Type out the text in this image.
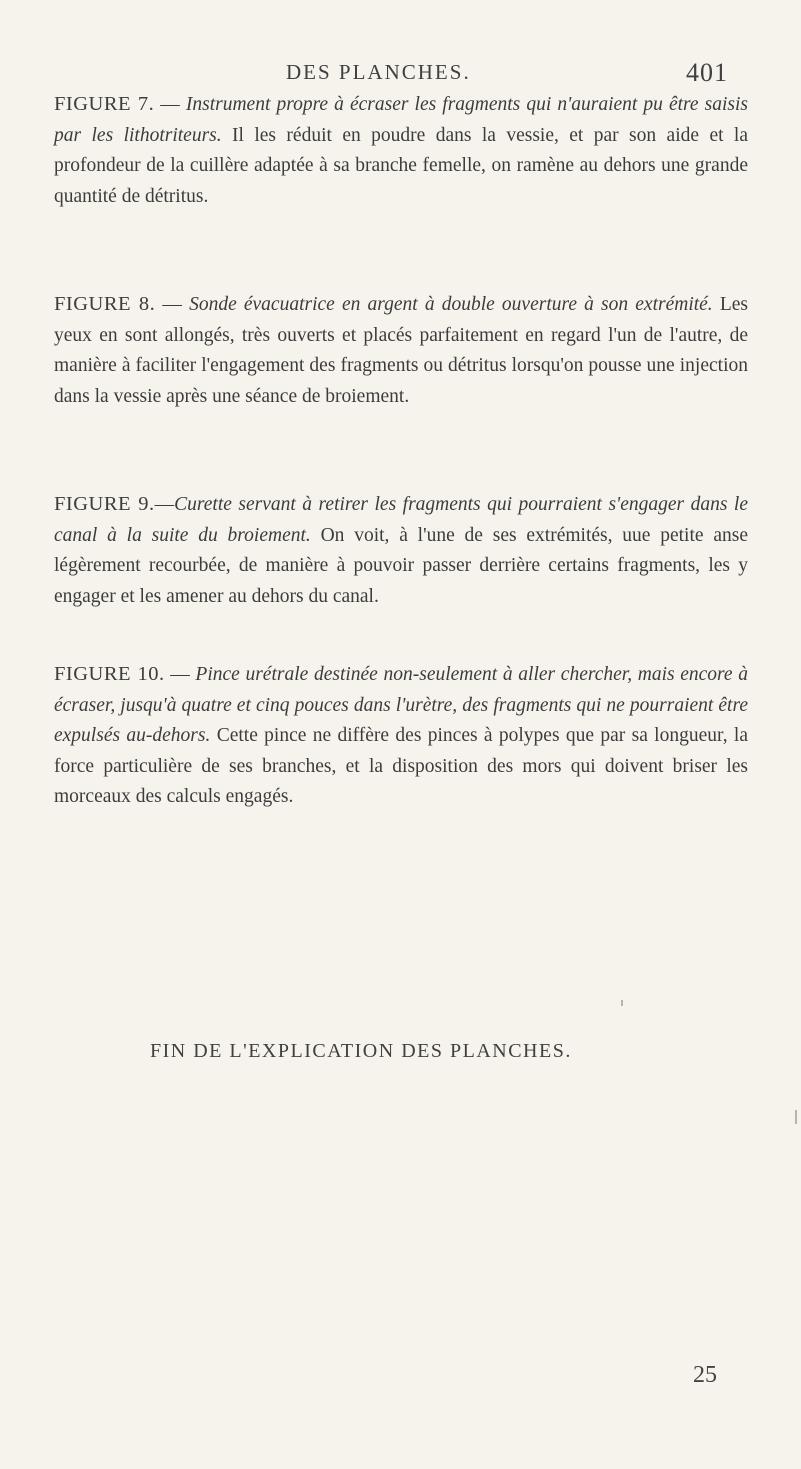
DES PLANCHES.	401

FIGURE 7. — Instrument propre à écraser les fragments qui n'auraient pu être saisis par les lithotriteurs. Il les réduit en poudre dans la vessie, et par son aide et la profondeur de la cuillère adaptée à sa branche femelle, on ramène au dehors une grande quantité de détritus.

FIGURE 8. — Sonde évacuatrice en argent à double ouverture à son extrémité. Les yeux en sont allongés, très ouverts et placés parfaitement en regard l'un de l'autre, de manière à faciliter l'engagement des fragments ou détritus lorsqu'on pousse une injection dans la vessie après une séance de broiement.

FIGURE 9.—Curette servant à retirer les fragments qui pourraient s'engager dans le canal à la suite du broiement. On voit, à l'une de ses extrémités, uue petite anse légèrement recourbée, de manière à pouvoir passer derrière certains fragments, les y engager et les amener au dehors du canal.

FIGURE 10. — Pince urétrale destinée non-seulement à aller chercher, mais encore à écraser, jusqu'à quatre et cinq pouces dans l'urètre, des fragments qui ne pourraient être expulsés au-dehors. Cette pince ne diffère des pinces à polypes que par sa longueur, la force particulière de ses branches, et la disposition des mors qui doivent briser les morceaux des calculs engagés.

FIN DE L'EXPLICATION DES PLANCHES.
25
